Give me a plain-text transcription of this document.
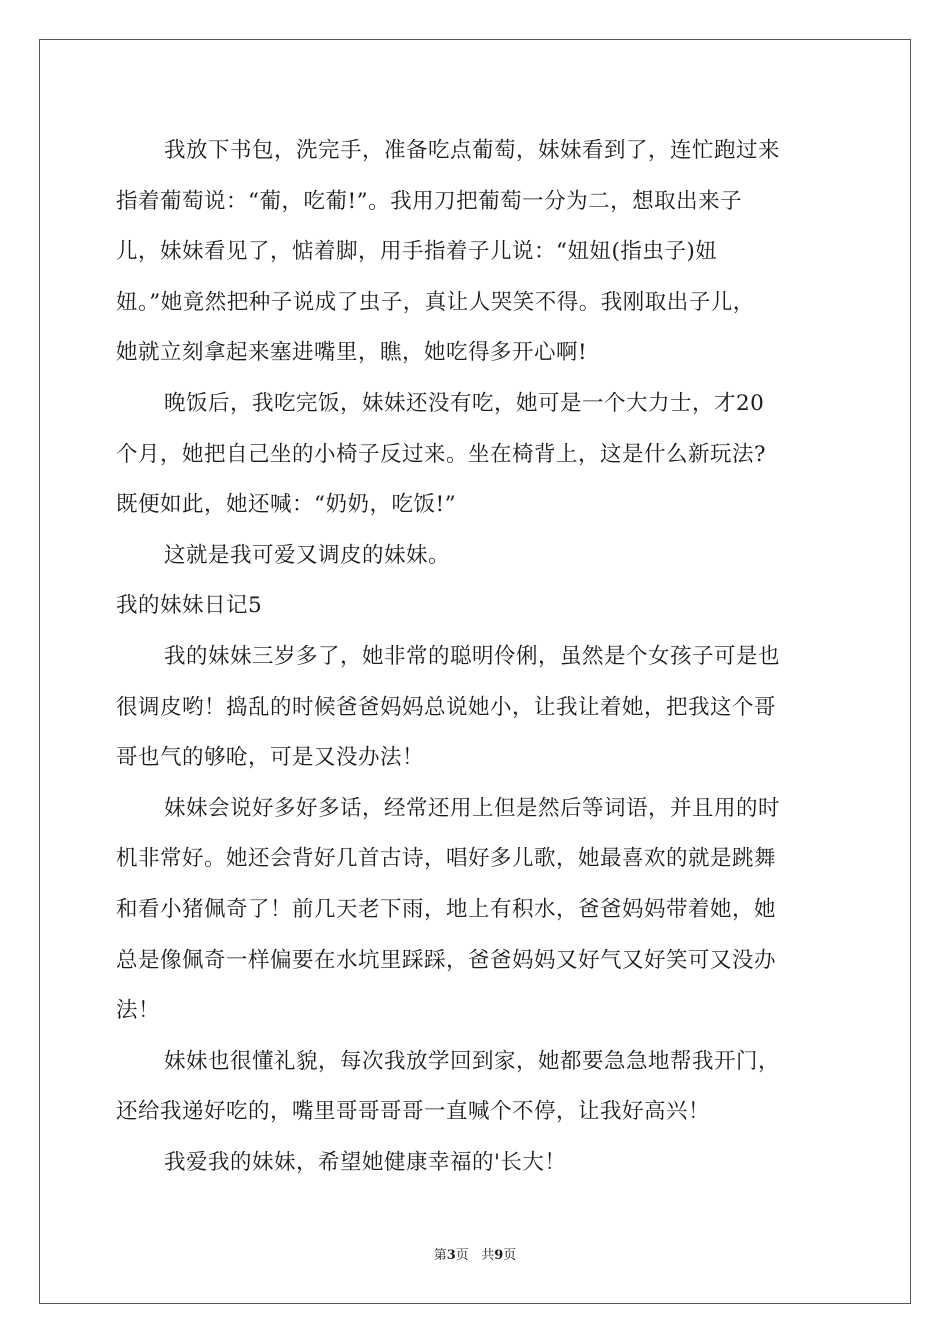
我放下书包，洗完手，准备吃点葡萄，妹妹看到了，连忙跑过来
指着葡萄说：“葡，吃葡!”。我用刀把葡萄一分为二，想取出来子
儿，妹妹看见了，惦着脚，用手指着子儿说：“妞妞(指虫子)妞
妞。”她竟然把种子说成了虫子，真让人哭笑不得。我刚取出子儿，
她就立刻拿起来塞进嘴里，瞧，她吃得多开心啊!
晚饭后，我吃完饭，妹妹还没有吃，她可是一个大力士，才20
个月，她把自己坐的小椅子反过来。坐在椅背上，这是什么新玩法?
既便如此，她还喊：“奶奶，吃饭!”
这就是我可爱又调皮的妹妹。
我的妹妹日记5
我的妹妹三岁多了，她非常的聪明伶俐，虽然是个女孩子可是也
很调皮哟！捣乱的时候爸爸妈妈总说她小，让我让着她，把我这个哥
哥也气的够呛，可是又没办法！
妹妹会说好多好多话，经常还用上但是然后等词语，并且用的时
机非常好。她还会背好几首古诗，唱好多儿歌，她最喜欢的就是跳舞
和看小猪佩奇了！前几天老下雨，地上有积水，爸爸妈妈带着她，她
总是像佩奇一样偏要在水坑里踩踩，爸爸妈妈又好气又好笑可又没办
法！
妹妹也很懂礼貌，每次我放学回到家，她都要急急地帮我开门，
还给我递好吃的，嘴里哥哥哥哥一直喊个不停，让我好高兴！
我爱我的妹妹，希望她健康幸福的'长大！
第3页 共9页
